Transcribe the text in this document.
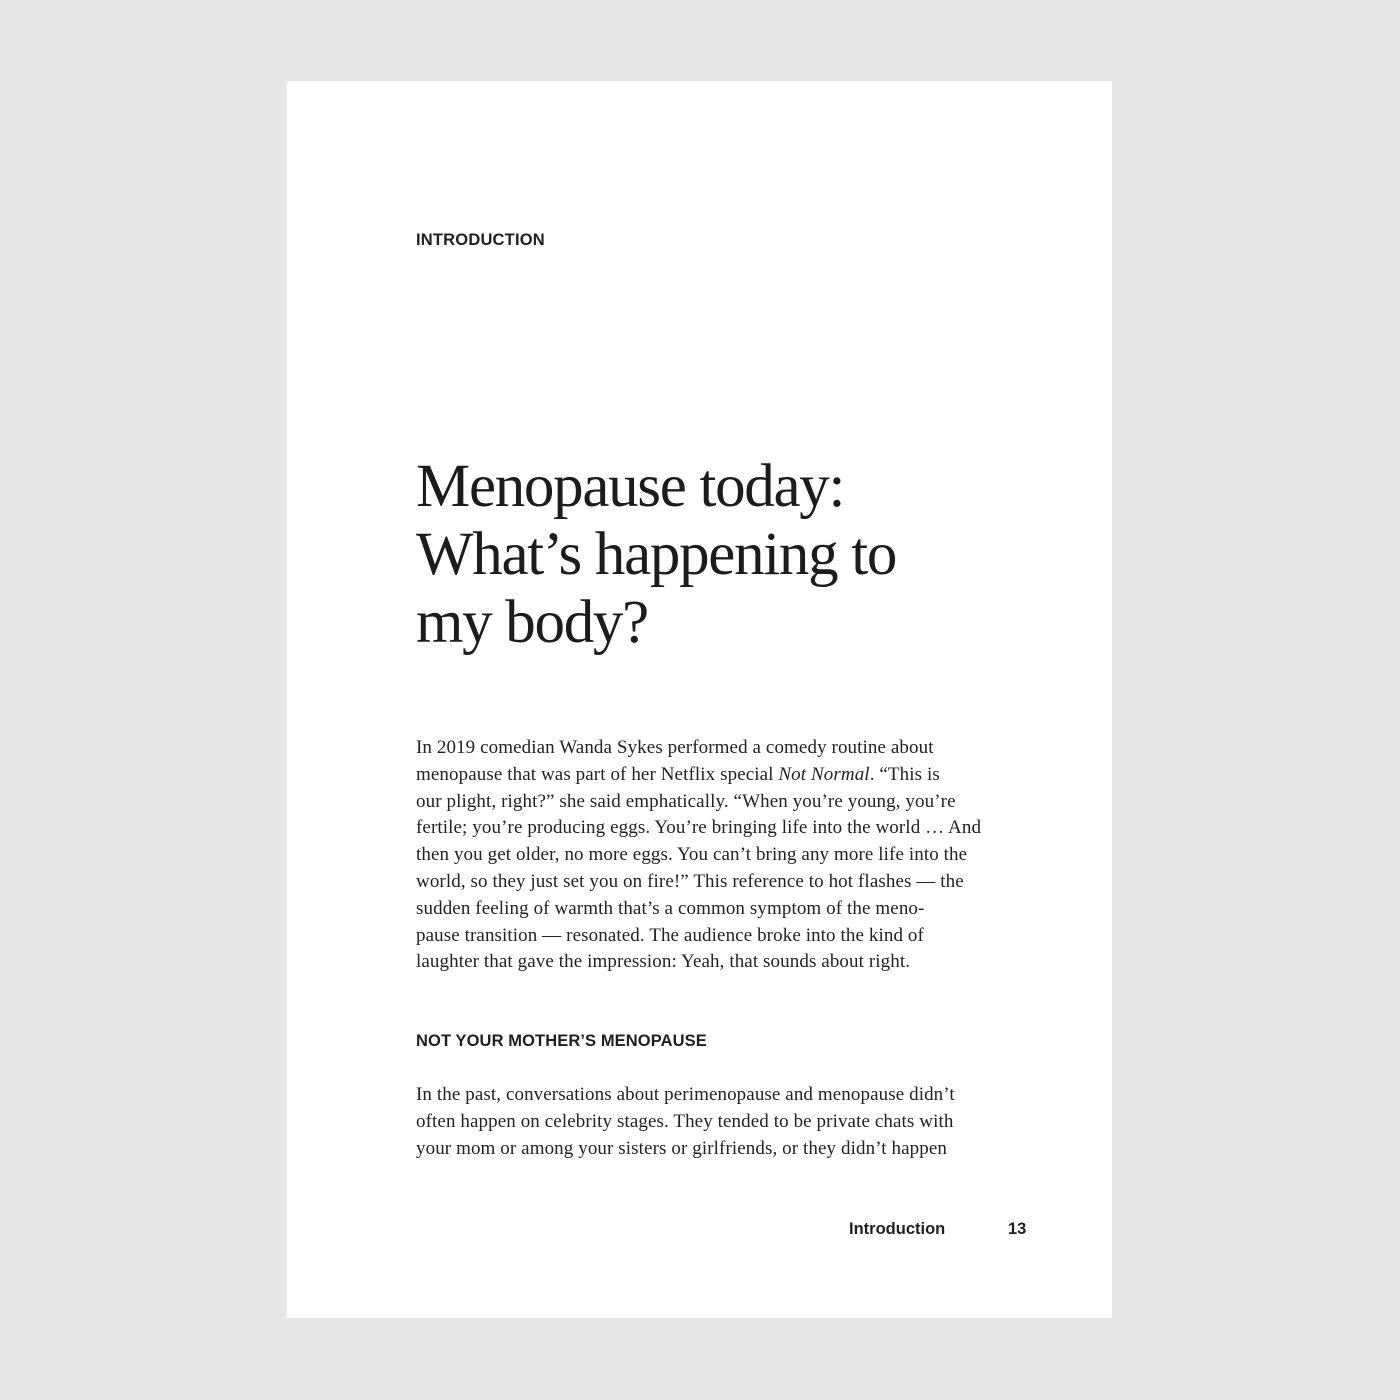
INTRODUCTION
Menopause today:
What’s happening to
my body?

In 2019 comedian Wanda Sykes performed a comedy routine about
menopause that was part of her Netflix special Not Normal. “This is
our plight, right?” she said emphatically. “When you’re young, you’re
fertile; you’re producing eggs. You’re bringing life into the world … And
then you get older, no more eggs. You can’t bring any more life into the
world, so they just set you on fire!” This reference to hot flashes — the
sudden feeling of warmth that’s a common symptom of the meno-
pause transition — resonated. The audience broke into the kind of
laughter that gave the impression: Yeah, that sounds about right.

NOT YOUR MOTHER’S MENOPAUSE

In the past, conversations about perimenopause and menopause didn’t
often happen on celebrity stages. They tended to be private chats with
your mom or among your sisters or girlfriends, or they didn’t happen

Introduction	13
